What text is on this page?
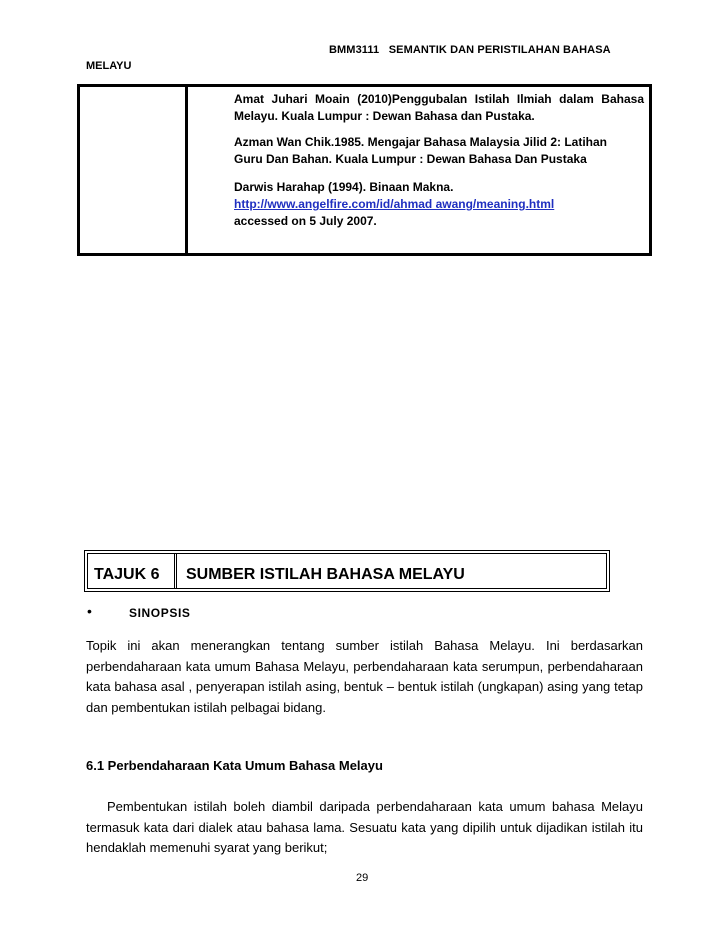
BMM3111   SEMANTIK DAN PERISTILAHAN BAHASA
MELAYU
Amat Juhari Moain (2010)Penggubalan Istilah Ilmiah dalam Bahasa Melayu. Kuala Lumpur : Dewan Bahasa dan Pustaka.
Azman Wan Chik.1985. Mengajar Bahasa Malaysia Jilid 2: Latihan
Guru Dan Bahan. Kuala Lumpur : Dewan Bahasa Dan Pustaka
Darwis Harahap (1994). Binaan Makna.
http://www.angelfire.com/id/ahmad awang/meaning.html
accessed on 5 July 2007.
TAJUK 6 SUMBER ISTILAH BAHASA MELAYU
•	SINOPSIS
Topik ini akan menerangkan tentang sumber istilah Bahasa Melayu. Ini berdasarkan perbendaharaan kata umum Bahasa Melayu, perbendaharaan kata serumpun, perbendaharaan kata bahasa asal , penyerapan istilah asing, bentuk – bentuk istilah (ungkapan) asing yang tetap dan pembentukan istilah pelbagai bidang.
6.1 Perbendaharaan Kata Umum Bahasa Melayu
Pembentukan istilah boleh diambil daripada perbendaharaan kata umum bahasa Melayu termasuk kata dari dialek atau bahasa lama. Sesuatu kata yang dipilih untuk dijadikan istilah itu hendaklah memenuhi syarat yang berikut;
29
